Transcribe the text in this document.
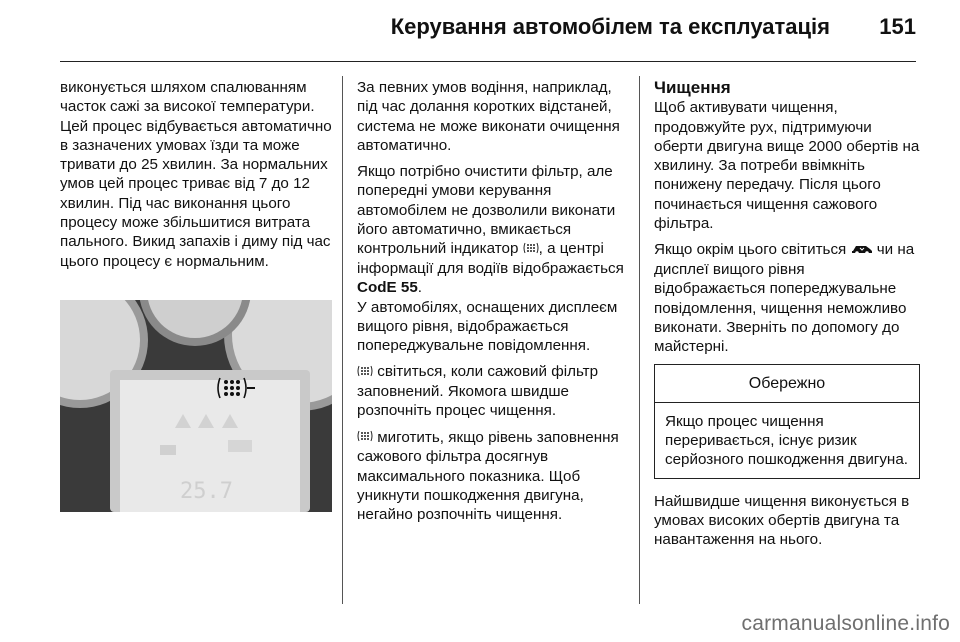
Керування автомобілем та експлуатація 151

виконується шляхом спалюванням часток сажі за високої температури. Цей процес відбувається автоматично в зазначених умовах їзди та може тривати до 25 хвилин. За нормальних умов цей процес триває від 7 до 12 хвилин. Під час виконання цього процесу може збільшитися витрата пального. Викид запахів і диму під час цього процесу є нормальним.

25.7

За певних умов водіння, наприклад, під час долання коротких відстаней, система не може виконати очищення автоматично.

Якщо потрібно очистити фільтр, але попередні умови керування автомобілем не дозволили виконати його автоматично, вмикається контрольний індикатор , а центрі інформації для водіїв відображається CodE 55.

У автомобілях, оснащених дисплеєм вищого рівня, відображається попереджувальне повідомлення.

світиться, коли сажовий фільтр заповнений. Якомога швидше розпочніть процес чищення.

миготить, якщо рівень заповнення сажового фільтра досягнув максимального показника. Щоб уникнути пошкодження двигуна, негайно розпочніть чищення.

Чищення

Щоб активувати чищення, продовжуйте рух, підтримуючи оберти двигуна вище 2000 обертів на хвилину. За потреби ввімкніть понижену передачу. Після цього починається чищення сажового фільтра.

Якщо окрім цього світиться чи на дисплеї вищого рівня відображається попереджувальне повідомлення, чищення неможливо виконати. Зверніть по допомогу до майстерні.

Обережно
Якщо процес чищення переривається, існує ризик серйозного пошкодження двигуна.

Найшвидше чищення виконується в умовах високих обертів двигуна та навантаження на нього.

carmanualsonline.info
